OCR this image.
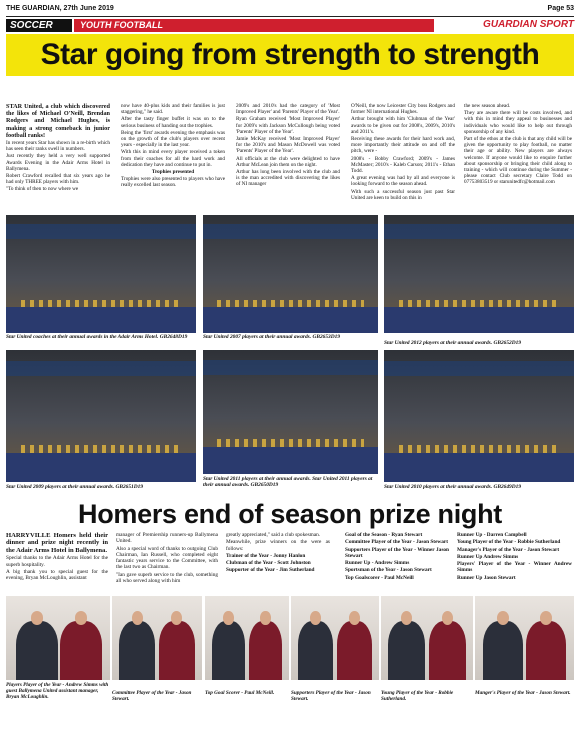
THE GUARDIAN, 27th June 2019	Page 53
SOCCER	YOUTH FOOTBALL	GUARDIAN SPORT
Star going from strength to strength

STAR United, a club which discovered the likes of Michael O'Neill, Brendan Rodgers and Michael Hughes, is making a strong comeback in junior football ranks!

In recent years Star has shown in a re-birth which has seen their ranks swell in numbers.

Just recently they held a very well supported Awards Evening in the Adair Arms Hotel in Ballymena.

Robert Crawford recalled that six years ago he had only THREE players with him.

"To think of then to now where we

now have 40-plus kids and their families is just staggering," he said.

After the tasty finger buffet it was on to the serious business of handing out the trophies.

Being the 'first' awards evening the emphasis was on the growth of the club's players over recent years - especially in the last year.

With this in mind every player received a token from their coaches for all the hard work and dedication they have and continue to put in.

Trophies presented

Trophies were also presented to players who have really excelled last season.

2009's and 2010's had the category of 'Most Improved Player' and 'Parents' Player of the Year'.

Ryan Graham received 'Most Improved Player' for 2009's with Jackson McCullough being voted 'Parents' Player of the Year'.

Jamie McKay received 'Most Improved Player' for the 2010's and Mason McDowell was voted 'Parents' Player of the Year'.

All officials at the club were delighted to have Arthur McLean join them on the night.

Arthur has long been involved with the club and is the man accredited with discovering the likes of NI manager

O'Neill, the now Leicester City boss Rodgers and former NI international Hughes.

Arthur brought with him 'Clubman of the Year' awards to be given out for 2008's, 2009's, 2010's and 2011's.

Receiving these awards for their hard work and, more importantly their attitude on and off the pitch, were -

2008's - Bobby Crawford; 2009's - James McMaster; 2010's - Kaleb Carson; 2011's - Ethan Todd.

A great evening was had by all and everyone is looking forward to the season ahead.

With such a successful season just past Star United are keen to build on this in

the new season ahead.

They are aware there will be costs involved, and with this in mind they appeal to businesses and individuals who would like to help out through sponsorship of any kind.

Part of the ethos at the club is that any child will be given the opportunity to play football, no matter their age or ability. New players are always welcome. If anyone would like to enquire further about sponsorship or bringing their child along to training - which will continue during the Summer - please contact Club secretary Claire Todd on 07753803519 or starunitedfc@hotmail.com

Star United coaches at their annual awards in the Adair Arms Hotel. GB2648D19	Star United 2007 players at their annual awards. GB2653D19
Star United 2012 players at their annual awards. GB2652D19
Star United 2009 players at their annual awards. GB2651D19
Star United 2011 players at their annual awards. Star United 2011 players at their annual awards. GB2650D19	Star United 2010 players at their annual awards. GB2649D19
Homers end of season prize night

HARRYVILLE Homers held their dinner and prize night recently in the Adair Arms Hotel in Ballymena.

Special thanks to the Adair Arms Hotel for the superb hospitality.

A big thank you to special guest for the evening, Bryan McLoughlin, assistant

manager of Premiership runners-up Ballymena United.

Also a special word of thanks to outgoing Club Chairman, Ian Russell, who completed eight fantastic years service to the Committee, with the last two as Chairman.

"Ian gave superb service to the club, something all who served along with him

greatly appreciated," said a club spokesman.

Meanwhile, prize winners on the were as follows:

Trainer of the Year - Jonny Hanlon

Clubman of the Year - Scott Johnston

Supporter of the Year - Jim Sutherland

Goal of the Season - Ryan Stewart

Committee Player of the Year - Jason Stewart

Supporters Player of the Year - Winner Jason Stewart

Runner Up - Andrew Simms

Sportsman of the Year - Jason Stewart

Top Goalscorer - Paul McNeill

Runner Up - Darren Campbell

Young Player of the Year - Robbie Sutherland

Manager's Player of the Year - Jason Stewart

Runner Up Andrew Simms

Players' Player of the Year - Winner Andrew Simms

Runner Up Jason Stewart

Players Player of the Year - Andrew Simms with guest Ballymena United assistant manager, Bryan McLoughlin.
Committee Player of the Year - Jason Stewart.
Top Goal Scorer - Paul McNeill.	Supporters Player of the Year - Jason Stewart.
Young Player of the Year - Robbie Sutherland.
Manger's Player of the Year - Jason Stewart.
